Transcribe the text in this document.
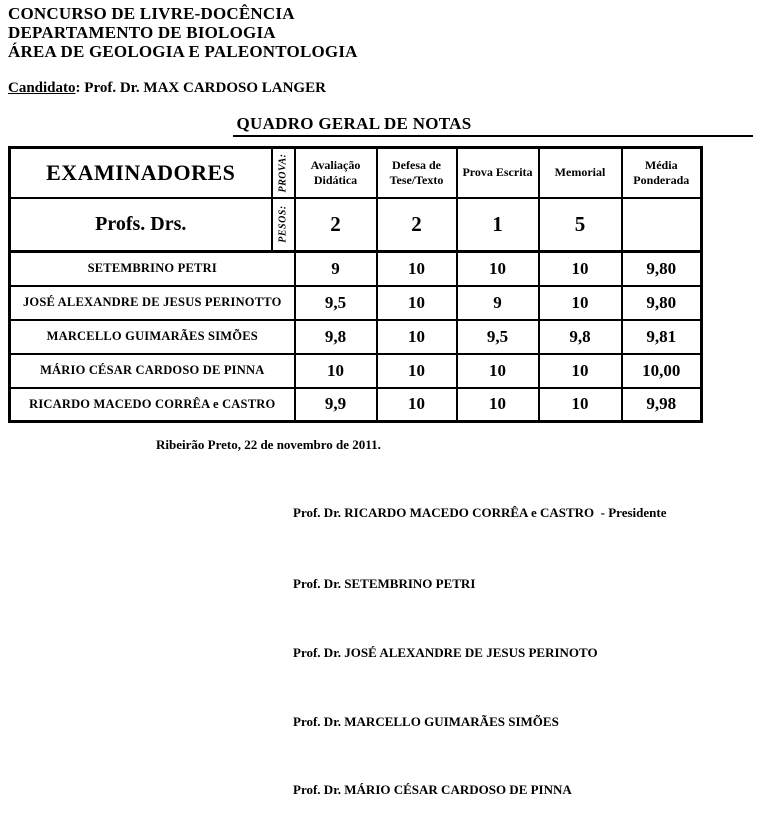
CONCURSO DE LIVRE-DOCÊNCIA
DEPARTAMENTO DE BIOLOGIA
ÁREA DE GEOLOGIA E PALEONTOLOGIA
Candidato: Prof. Dr. MAX CARDOSO LANGER
QUADRO GERAL DE NOTAS
EXAMINADORES	PROVA:	Avaliação Didática	Defesa de Tese/Texto	Prova Escrita	Memorial	Média Ponderada
Profs. Drs.	PESOS:	2	2	1	5	
SETEMBRINO PETRI		9	10	10	10	9,80
JOSÉ ALEXANDRE DE JESUS PERINOTTO		9,5	10	9	10	9,80
MARCELLO GUIMARÃES SIMÕES		9,8	10	9,5	9,8	9,81
MÁRIO CÉSAR CARDOSO DE PINNA		10	10	10	10	10,00
RICARDO MACEDO CORRÊA e CASTRO		9,9	10	10	10	9,98
Ribeirão Preto, 22 de novembro de 2011.
Prof. Dr. RICARDO MACEDO CORRÊA e CASTRO  - Presidente
Prof. Dr. SETEMBRINO PETRI
Prof. Dr. JOSÉ ALEXANDRE DE JESUS PERINOTO
Prof. Dr. MARCELLO GUIMARÃES SIMÕES
Prof. Dr. MÁRIO CÉSAR CARDOSO DE PINNA
